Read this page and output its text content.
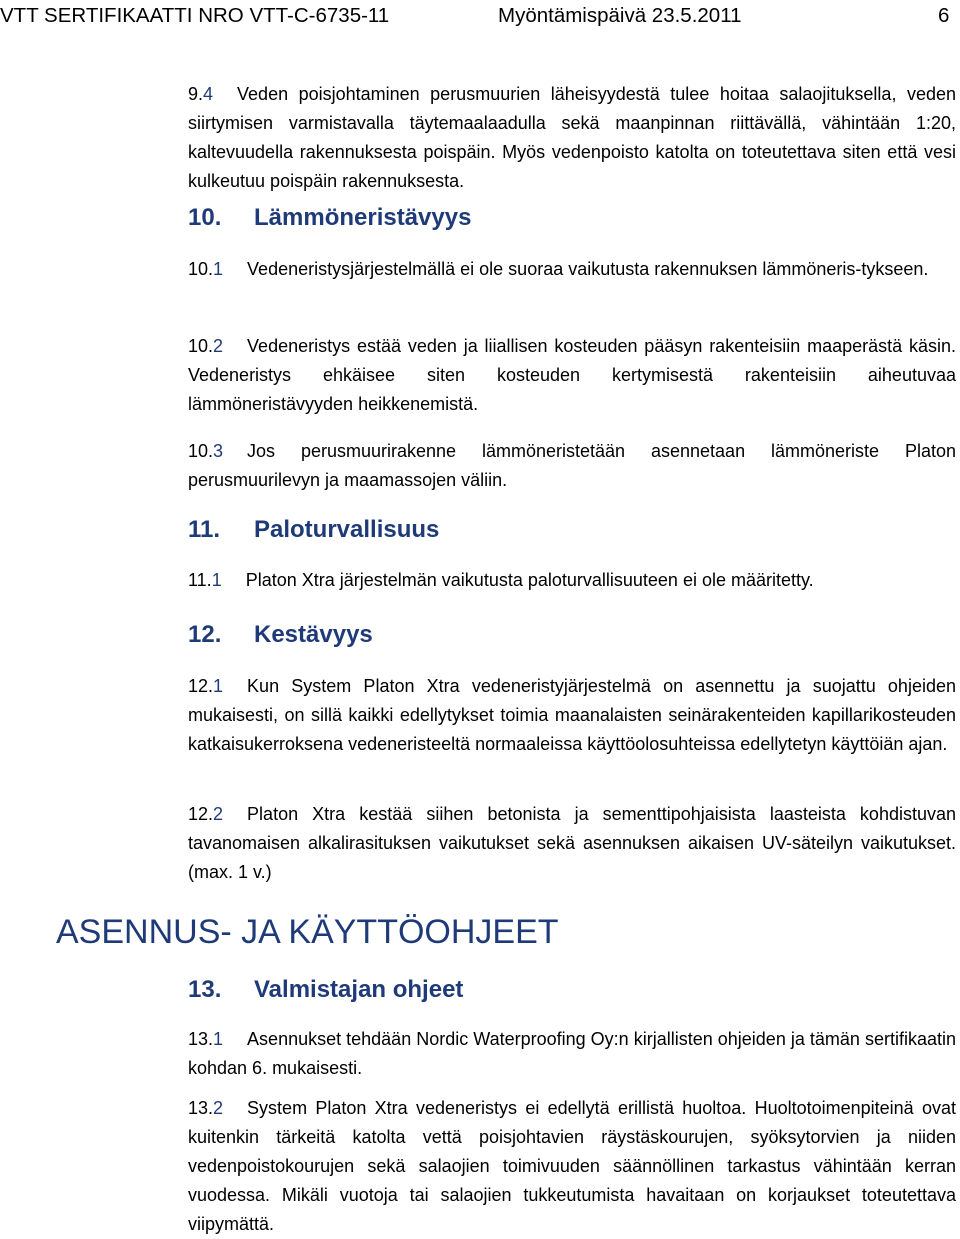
VTT SERTIFIKAATTI NRO VTT-C-6735-11	Myöntämispäivä 23.5.2011	6
9.4 Veden poisjohtaminen perusmuurien läheisyydestä tulee hoitaa salaojituksella, veden siirtymisen varmistavalla täytemaalaadulla sekä maanpinnan riittävällä, vähintään 1:20, kaltevuudella rakennuksesta poispäin. Myös vedenpoisto katolta on toteutettava siten että vesi kulkeutuu poispäin rakennuksesta.
10. Lämmöneristävyys
10.1 Vedeneristysjärjestelmällä ei ole suoraa vaikutusta rakennuksen lämmöneris-tykseen.
10.2 Vedeneristys estää veden ja liiallisen kosteuden pääsyn rakenteisiin maaperästä käsin. Vedeneristys ehkäisee siten kosteuden kertymisestä rakenteisiin aiheutuvaa lämmöneristävyyden heikkenemistä.
10.3 Jos perusmuurirakenne lämmöneristetään asennetaan lämmöneriste Platon perusmuurilevyn ja maamassojen väliin.
11. Paloturvallisuus
11.1 Platon Xtra järjestelmän vaikutusta paloturvallisuuteen ei ole määritetty.
12. Kestävyys
12.1 Kun System Platon Xtra vedeneristyjärjestelmä on asennettu ja suojattu ohjeiden mukaisesti, on sillä kaikki edellytykset toimia maanalaisten seinärakenteiden kapillarikosteuden katkaisukerroksena vedeneristeeltä normaaleissa käyttöolosuhteissa edellytetyn käyttöiän ajan.
12.2 Platon Xtra kestää siihen betonista ja sementtipohjaisista laasteista kohdistuvan tavanomaisen alkalirasituksen vaikutukset sekä asennuksen aikaisen UV-säteilyn vaikutukset. (max. 1 v.)
ASENNUS- JA KÄYTTÖOHJEET
13. Valmistajan ohjeet
13.1 Asennukset tehdään Nordic Waterproofing Oy:n kirjallisten ohjeiden ja tämän sertifikaatin kohdan 6. mukaisesti.
13.2 System Platon Xtra vedeneristys ei edellytä erillistä huoltoa. Huoltotoimenpiteinä ovat kuitenkin tärkeitä katolta vettä poisjohtavien räystäskourujen, syöksytorvien ja niiden vedenpoistokourujen sekä salaojien toimivuuden säännöllinen tarkastus vähintään kerran vuodessa. Mikäli vuotoja tai salaojien tukkeutumista havaitaan on korjaukset toteutettava viipymättä.
